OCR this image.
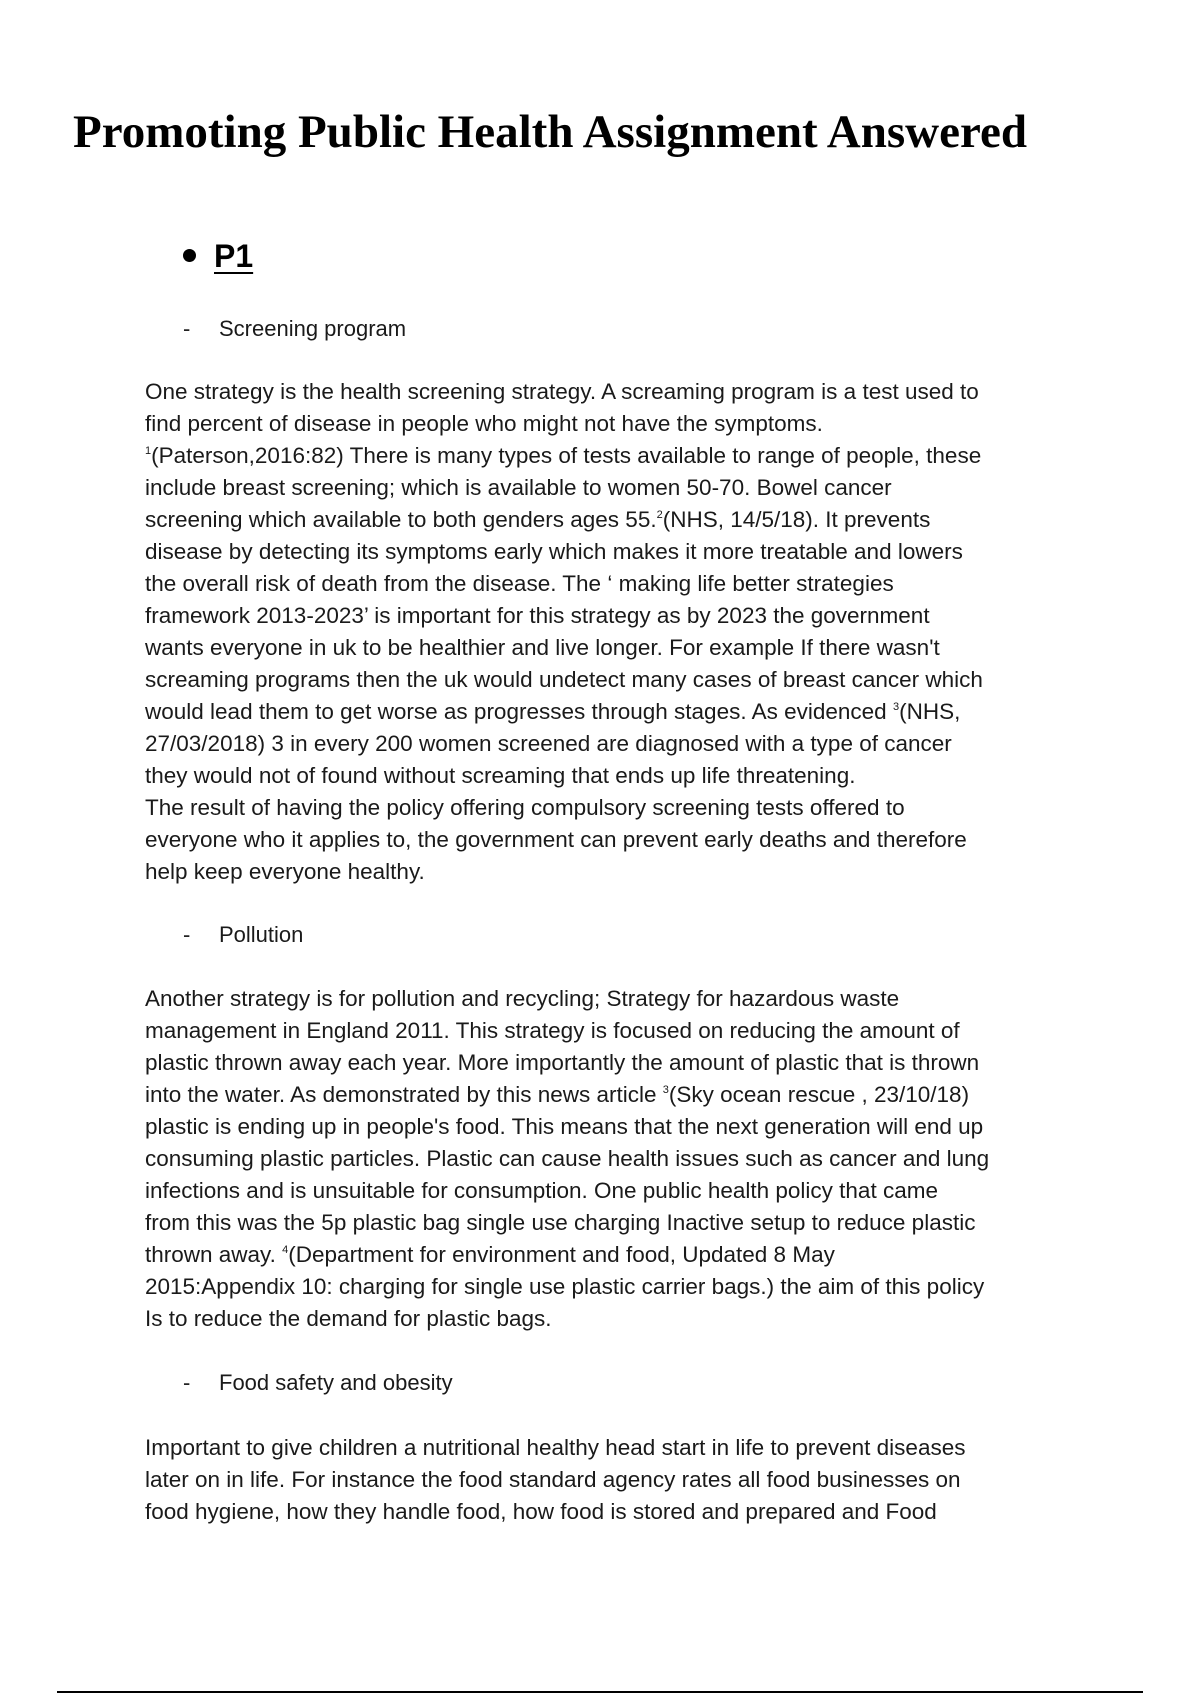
Promoting Public Health Assignment Answered
P1
- Screening program
One strategy is the health screening strategy. A screaming program is a test used to
find percent of disease in people who might not have the symptoms.
$^1$(Paterson,2016:82) There is many types of tests available to range of people, these
include breast screening; which is available to women 50-70. Bowel cancer
screening which available to both genders ages 55.$^2$(NHS, 14/5/18). It prevents
disease by detecting its symptoms early which makes it more treatable and lowers
the overall risk of death from the disease. The ‘ making life better strategies
framework 2013-2023’ is important for this strategy as by 2023 the government
wants everyone in uk to be healthier and live longer. For example If there wasn't
screaming programs then the uk would undetect many cases of breast cancer which
would lead them to get worse as progresses through stages. As evidenced $^3$(NHS,
27/03/2018) 3 in every 200 women screened are diagnosed with a type of cancer
they would not of found without screaming that ends up life threatening.
The result of having the policy offering compulsory screening tests offered to
everyone who it applies to, the government can prevent early deaths and therefore
help keep everyone healthy.
- Pollution
Another strategy is for pollution and recycling; Strategy for hazardous waste
management in England 2011. This strategy is focused on reducing the amount of
plastic thrown away each year. More importantly the amount of plastic that is thrown
into the water. As demonstrated by this news article $^3$(Sky ocean rescue , 23/10/18)
plastic is ending up in people's food. This means that the next generation will end up
consuming plastic particles. Plastic can cause health issues such as cancer and lung
infections and is unsuitable for consumption. One public health policy that came
from this was the 5p plastic bag single use charging Inactive setup to reduce plastic
thrown away. $^4$(Department for environment and food, Updated 8 May
2015:Appendix 10: charging for single use plastic carrier bags.) the aim of this policy
Is to reduce the demand for plastic bags.
- Food safety and obesity
Important to give children a nutritional healthy head start in life to prevent diseases
later on in life. For instance the food standard agency rates all food businesses on
food hygiene, how they handle food, how food is stored and prepared and Food
